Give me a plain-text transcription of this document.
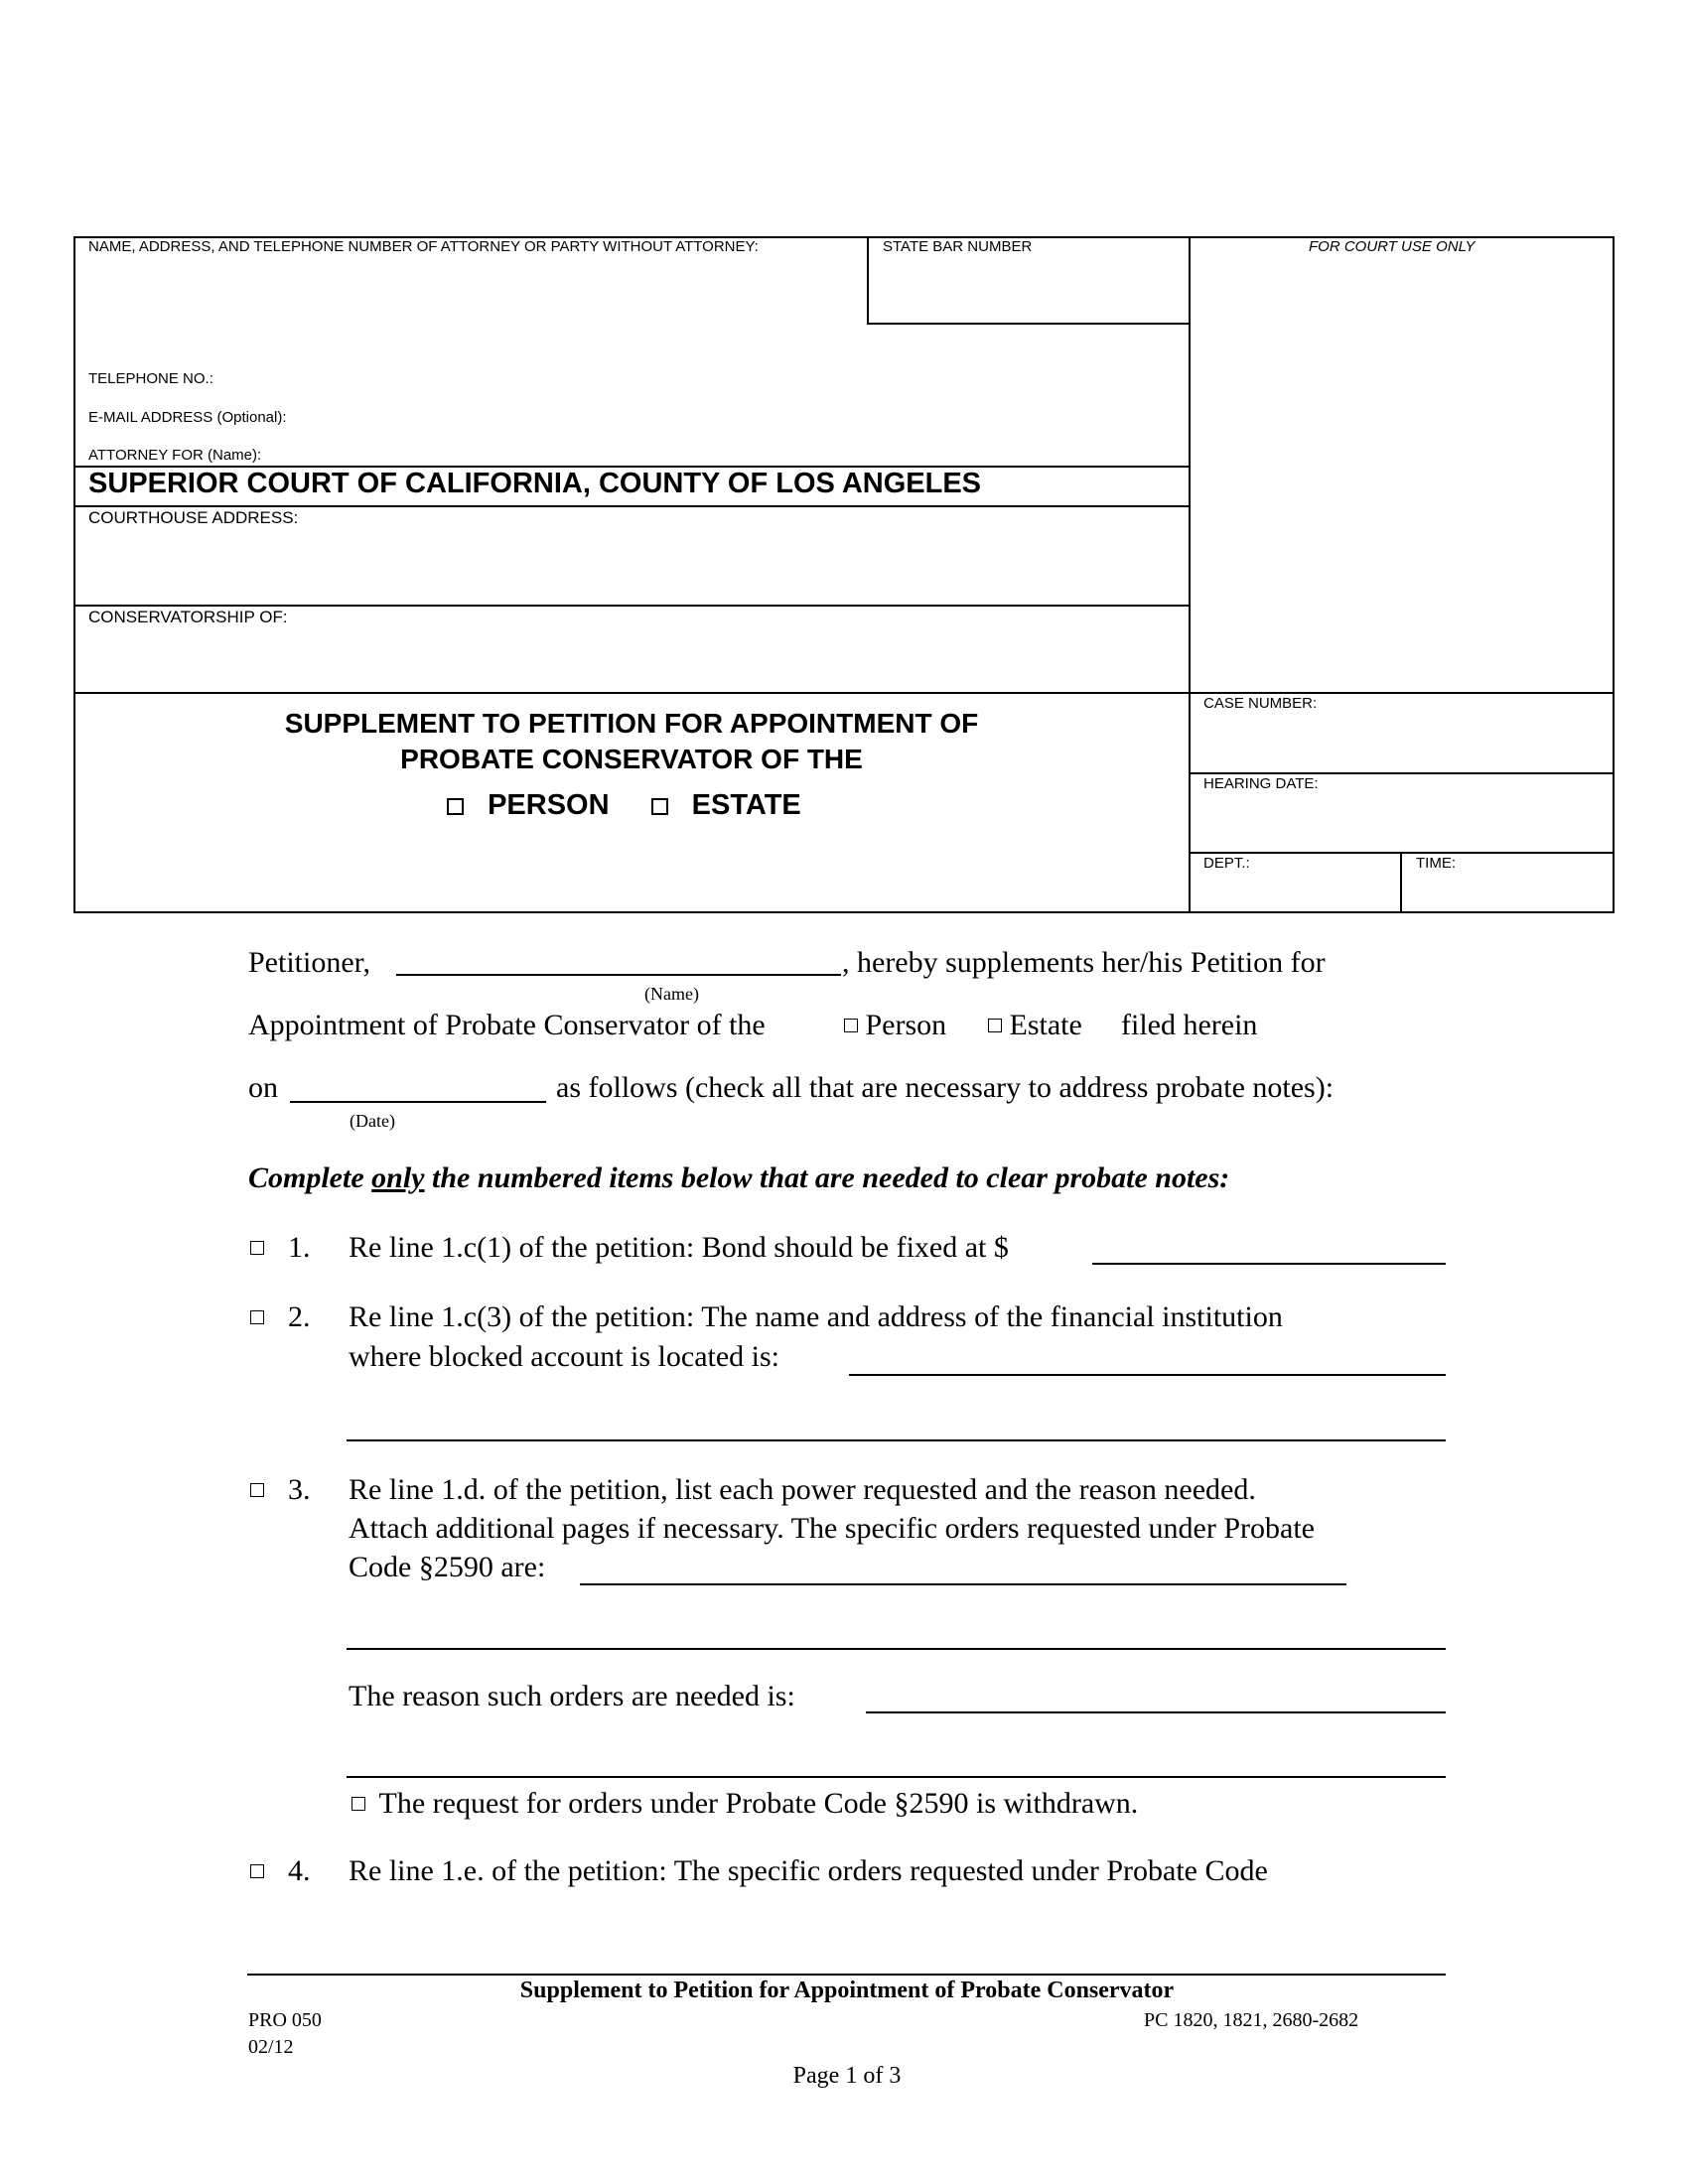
NAME, ADDRESS, AND TELEPHONE NUMBER OF ATTORNEY OR PARTY WITHOUT ATTORNEY:	STATE BAR NUMBER	FOR COURT USE ONLY
TELEPHONE NO.:
E-MAIL ADDRESS (Optional):
ATTORNEY FOR (Name):
SUPERIOR COURT OF CALIFORNIA, COUNTY OF LOS ANGELES
COURTHOUSE ADDRESS:
CONSERVATORSHIP OF:
CASE NUMBER:
HEARING DATE:
DEPT.:	TIME:
SUPPLEMENT TO PETITION FOR APPOINTMENT OF
PROBATE CONSERVATOR OF THE
PERSON	ESTATE
Petitioner,	, hereby supplements her/his Petition for
(Name)
Appointment of Probate Conservator of the	Person	Estate filed herein
on	as follows (check all that are necessary to address probate notes):
(Date)
Complete only the numbered items below that are needed to clear probate notes:
1. Re line 1.c(1) of the petition: Bond should be fixed at $
2. Re line 1.c(3) of the petition: The name and address of the financial institution
where blocked account is located is:
3. Re line 1.d. of the petition, list each power requested and the reason needed.
Attach additional pages if necessary. The specific orders requested under Probate
Code §2590 are:
The reason such orders are needed is:
The request for orders under Probate Code §2590 is withdrawn.
4. Re line 1.e. of the petition: The specific orders requested under Probate Code
Supplement to Petition for Appointment of Probate Conservator
PRO 050
02/12
PC 1820, 1821, 2680-2682
Page 1 of 3
